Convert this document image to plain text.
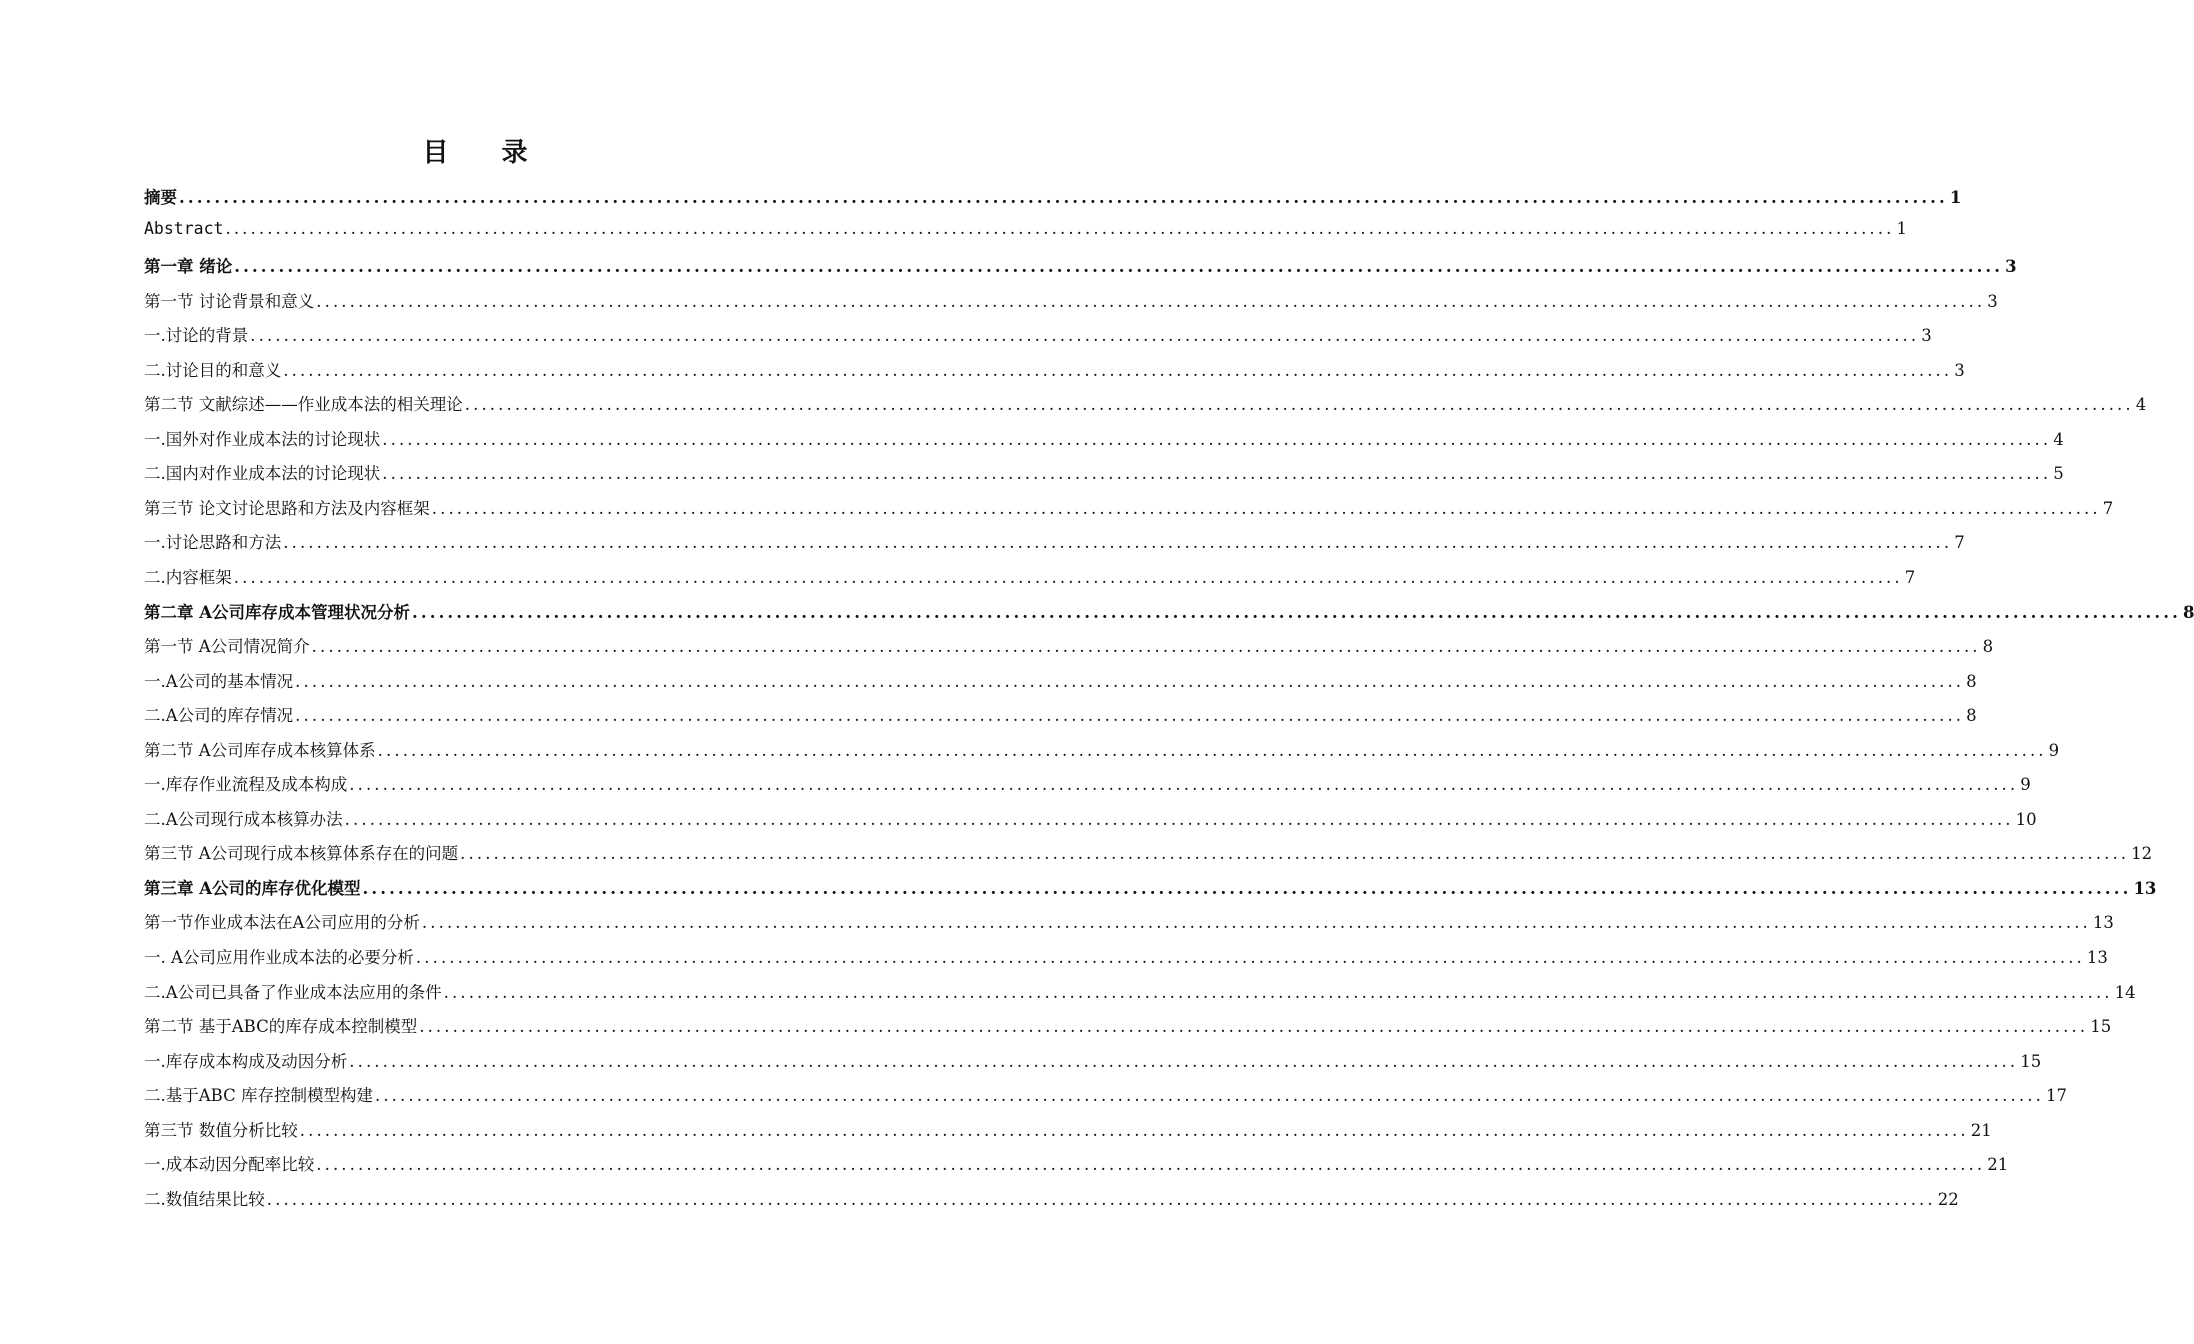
目 录
摘要 ........................................................................................................................................................................................................ 1
Abstract ........................................................................................................................................................................................................ 1
第一章 绪论 ........................................................................................................................................................................................................ 3
第一节 讨论背景和意义 ........................................................................................................................................................................................................ 3
一.讨论的背景 ........................................................................................................................................................................................................ 3
二.讨论目的和意义 ........................................................................................................................................................................................................ 3
第二节 文献综述——作业成本法的相关理论 ........................................................................................................................................................................................................ 4
一.国外对作业成本法的讨论现状 ........................................................................................................................................................................................................ 4
二.国内对作业成本法的讨论现状 ........................................................................................................................................................................................................ 5
第三节 论文讨论思路和方法及内容框架 ........................................................................................................................................................................................................ 7
一.讨论思路和方法 ........................................................................................................................................................................................................ 7
二.内容框架 ........................................................................................................................................................................................................ 7
第二章 A公司库存成本管理状况分析 ........................................................................................................................................................................................................ 8
第一节 A公司情况简介 ........................................................................................................................................................................................................ 8
一.A公司的基本情况 ........................................................................................................................................................................................................ 8
二.A公司的库存情况 ........................................................................................................................................................................................................ 8
第二节 A公司库存成本核算体系 ........................................................................................................................................................................................................ 9
一.库存作业流程及成本构成 ........................................................................................................................................................................................................ 9
二.A公司现行成本核算办法 ........................................................................................................................................................................................................ 10
第三节 A公司现行成本核算体系存在的问题 ........................................................................................................................................................................................................ 12
第三章 A公司的库存优化模型 ........................................................................................................................................................................................................ 13
第一节作业成本法在A公司应用的分析 ........................................................................................................................................................................................................ 13
一. A公司应用作业成本法的必要分析 ........................................................................................................................................................................................................ 13
二.A公司已具备了作业成本法应用的条件 ........................................................................................................................................................................................................ 14
第二节 基于ABC的库存成本控制模型 ........................................................................................................................................................................................................ 15
一.库存成本构成及动因分析 ........................................................................................................................................................................................................ 15
二.基于ABC 库存控制模型构建 ........................................................................................................................................................................................................ 17
第三节 数值分析比较 ........................................................................................................................................................................................................ 21
一.成本动因分配率比较 ........................................................................................................................................................................................................ 21
二.数值结果比较 ........................................................................................................................................................................................................ 22
